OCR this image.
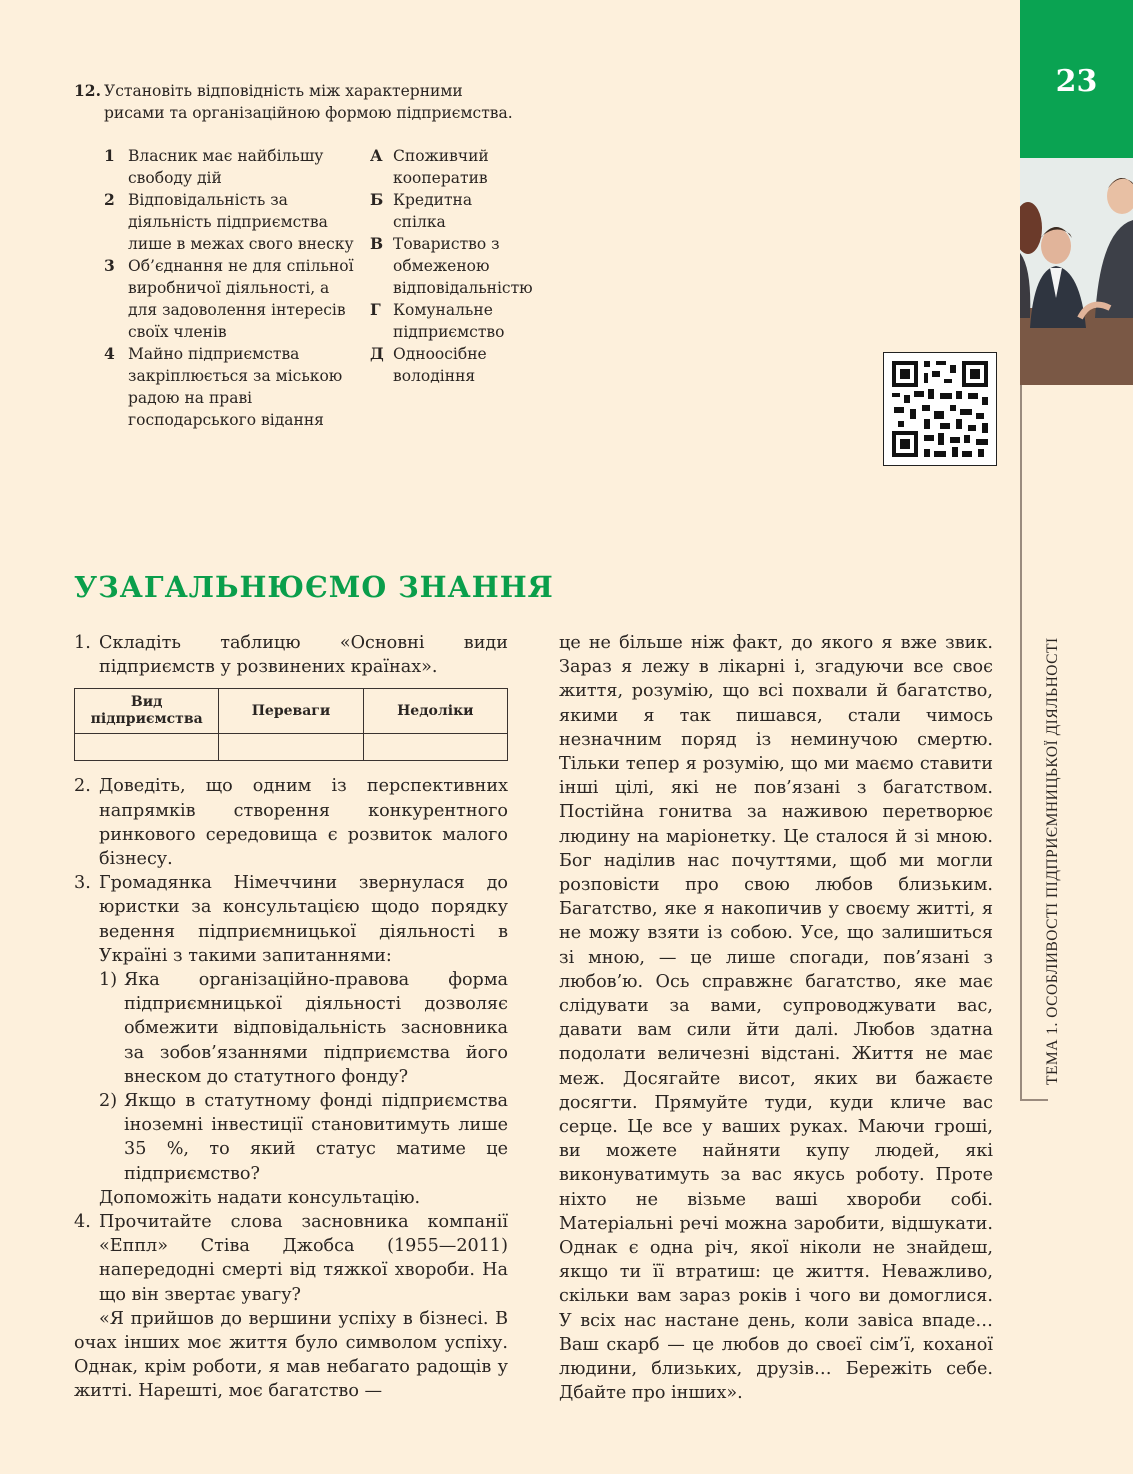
23
ТЕМА 1. ОСОБЛИВОСТІ ПІДПРИЄМНИЦЬКОЇ ДІЯЛЬНОСТІ
12. Установіть відповідність між характерними рисами та організаційною формою підприємства.
1 Власник має найбільшу свободу дій
2 Відповідальність за діяльність підприємства лише в межах свого внеску
3 Об’єднання не для спільної виробничої діяльності, а для задоволення інтересів своїх членів
4 Майно підприємства закріплюється за міською радою на праві господарського відання
А Споживчий кооператив
Б Кредитна спілка
В Товариство з обмеженою відповідальністю
Г Комунальне підприємство
Д Одноосібне володіння
УЗАГАЛЬНЮЄМО ЗНАННЯ
1. Складіть таблицю «Основні види підприємств у розвинених країнах».
Вид підприємства	Переваги	Недоліки

2. Доведіть, що одним із перспективних напрямків створення конкурентного ринкового середовища є розвиток малого бізнесу.
3. Громадянка Німеччини звернулася до юристки за консультацією щодо порядку ведення підприємницької діяльності в Україні з такими запитаннями:
1) Яка організаційно-правова форма підприємницької діяльності дозволяє обмежити відповідальність засновника за зобов’язаннями підприємства його внеском до статутного фонду?
2) Якщо в статутному фонді підприємства іноземні інвестиції становитимуть лише 35 %, то який статус матиме це підприємство?
Допоможіть надати консультацію.
4. Прочитайте слова засновника компанії «Еппл» Стіва Джобса (1955—2011) напередодні смерті від тяжкої хвороби. На що він звертає увагу?

«Я прийшов до вершини успіху в бізнесі. В очах інших моє життя було символом успіху. Однак, крім роботи, я мав небагато радощів у житті. Нарешті, моє багатство —

це не більше ніж факт, до якого я вже звик. Зараз я лежу в лікарні і, згадуючи все своє життя, розумію, що всі похвали й багатство, якими я так пишався, стали чимось незначним поряд із неминучою смертю. Тільки тепер я розумію, що ми маємо ставити інші цілі, які не пов’язані з багатством. Постійна гонитва за наживою перетворює людину на маріонетку. Це сталося й зі мною. Бог наділив нас почуттями, щоб ми могли розповісти про свою любов близьким. Багатство, яке я накопичив у своєму житті, я не можу взяти із собою. Усе, що залишиться зі мною, — це лише спогади, пов’язані з любов’ю. Ось справжнє багатство, яке має слідувати за вами, супроводжувати вас, давати вам сили йти далі. Любов здатна подолати величезні відстані. Життя не має меж. Досягайте висот, яких ви бажаєте досягти. Прямуйте туди, куди кличе вас серце. Це все у ваших руках. Маючи гроші, ви можете найняти купу людей, які виконуватимуть за вас якусь роботу. Проте ніхто не візьме ваші хвороби собі. Матеріальні речі можна заробити, відшукати. Однак є одна річ, якої ніколи не знайдеш, якщо ти її втратиш: це життя. Неважливо, скільки вам зараз років і чого ви домоглися. У всіх нас настане день, коли завіса впаде… Ваш скарб — це любов до своєї сім’ї, коханої людини, близьких, друзів… Бережіть себе. Дбайте про інших».
